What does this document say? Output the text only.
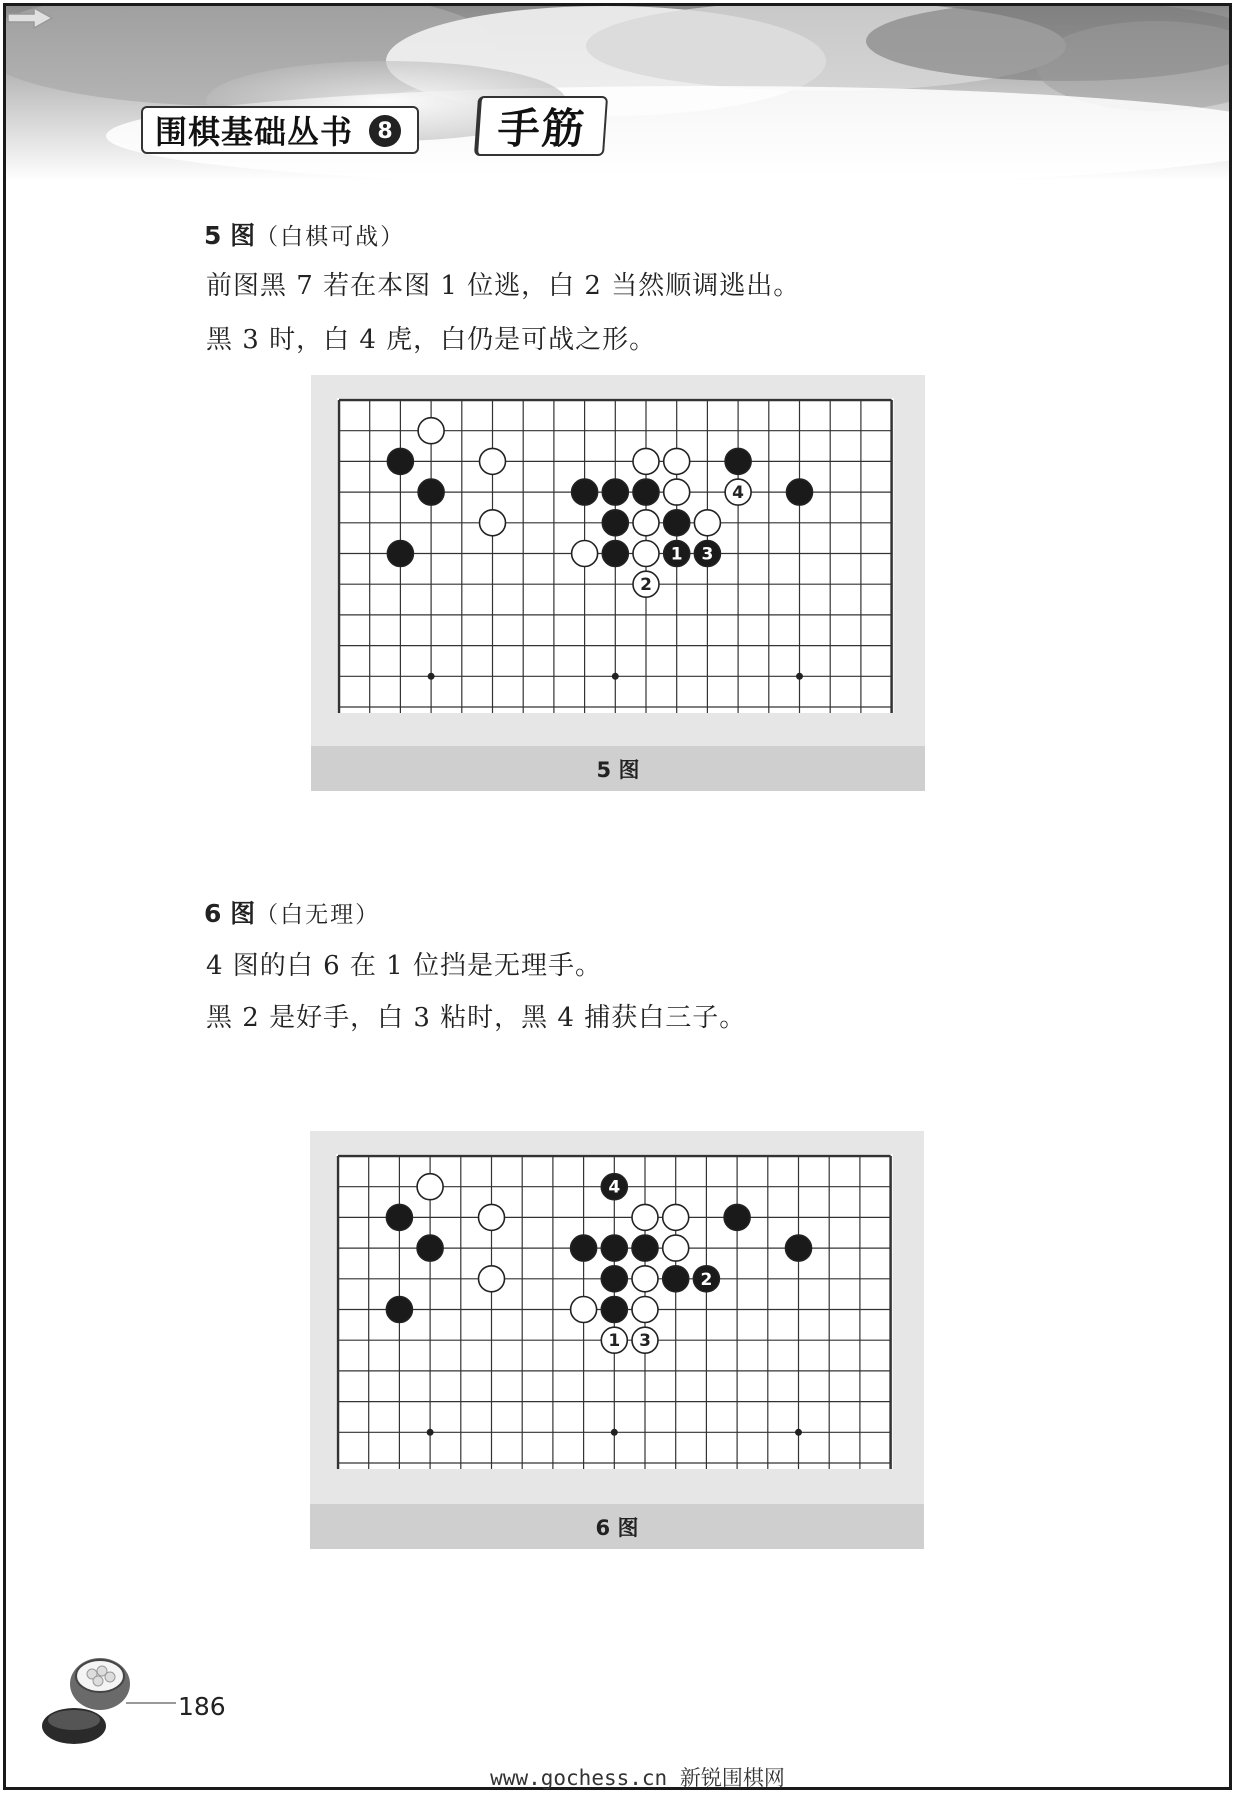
围棋基础丛书	8 手筋
5 图（白棋可战）
前图黑 7 若在本图 1 位逃，白 2 当然顺调逃出。
黑 3 时，白 4 虎，白仍是可战之形。
4
1 3
2
5 图
6 图（白无理）
4 图的白 6 在 1 位挡是无理手。
黑 2 是好手，白 3 粘时，黑 4 捕获白三子。
4
2
1 3
6 图
186
www.gochess.cn 新锐围棋网
